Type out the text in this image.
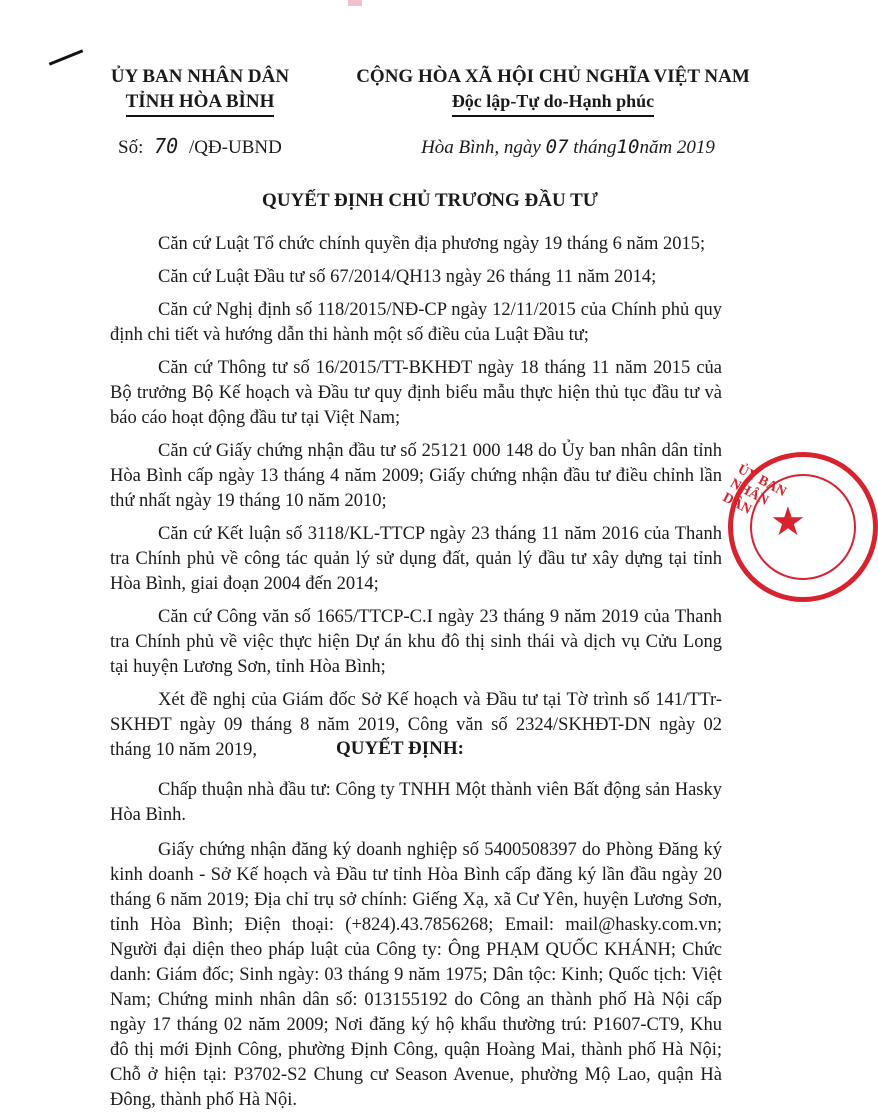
ỦY BAN NHÂN DÂN
TỈNH HÒA BÌNH
CỘNG HÒA XÃ HỘI CHỦ NGHĨA VIỆT NAM
Độc lập-Tự do-Hạnh phúc
Số: 70 /QĐ-UBND	Hòa Bình, ngày 07 tháng10năm 2019
QUYẾT ĐỊNH CHỦ TRƯƠNG ĐẦU TƯ

Căn cứ Luật Tổ chức chính quyền địa phương ngày 19 tháng 6 năm 2015;

Căn cứ Luật Đầu tư số 67/2014/QH13 ngày 26 tháng 11 năm 2014;

Căn cứ Nghị định số 118/2015/NĐ-CP ngày 12/11/2015 của Chính phủ quy định chi tiết và hướng dẫn thi hành một số điều của Luật Đầu tư;

Căn cứ Thông tư số 16/2015/TT-BKHĐT ngày 18 tháng 11 năm 2015 của Bộ trưởng Bộ Kế hoạch và Đầu tư quy định biểu mẫu thực hiện thủ tục đầu tư và báo cáo hoạt động đầu tư tại Việt Nam;

Căn cứ Giấy chứng nhận đầu tư số 25121 000 148 do Ủy ban nhân dân tỉnh Hòa Bình cấp ngày 13 tháng 4 năm 2009; Giấy chứng nhận đầu tư điều chỉnh lần thứ nhất ngày 19 tháng 10 năm 2010;

Căn cứ Kết luận số 3118/KL-TTCP ngày 23 tháng 11 năm 2016 của Thanh tra Chính phủ về công tác quản lý sử dụng đất, quản lý đầu tư xây dựng tại tỉnh Hòa Bình, giai đoạn 2004 đến 2014;

Căn cứ Công văn số 1665/TTCP-C.I ngày 23 tháng 9 năm 2019 của Thanh tra Chính phủ về việc thực hiện Dự án khu đô thị sinh thái và dịch vụ Cửu Long tại huyện Lương Sơn, tỉnh Hòa Bình;

Xét đề nghị của Giám đốc Sở Kế hoạch và Đầu tư tại Tờ trình số 141/TTr-SKHĐT ngày 09 tháng 8 năm 2019, Công văn số 2324/SKHĐT-DN ngày 02 tháng 10 năm 2019,	QUYẾT ĐỊNH:

Chấp thuận nhà đầu tư: Công ty TNHH Một thành viên Bất động sản Hasky Hòa Bình.

Giấy chứng nhận đăng ký doanh nghiệp số 5400508397 do Phòng Đăng ký kinh doanh - Sở Kế hoạch và Đầu tư tỉnh Hòa Bình cấp đăng ký lần đầu ngày 20 tháng 6 năm 2019; Địa chỉ trụ sở chính: Giếng Xạ, xã Cư Yên, huyện Lương Sơn, tỉnh Hòa Bình; Điện thoại: (+824).43.7856268; Email: mail@hasky.com.vn; Người đại diện theo pháp luật của Công ty: Ông PHẠM QUỐC KHÁNH; Chức danh: Giám đốc; Sinh ngày: 03 tháng 9 năm 1975; Dân tộc: Kinh; Quốc tịch: Việt Nam; Chứng minh nhân dân số: 013155192 do Công an thành phố Hà Nội cấp ngày 17 tháng 02 năm 2009; Nơi đăng ký hộ khẩu thường trú: P1607-CT9, Khu đô thị mới Định Công, phường Định Công, quận Hoàng Mai, thành phố Hà Nội; Chỗ ở hiện tại: P3702-S2 Chung cư Season Avenue, phường Mộ Lao, quận Hà Đông, thành phố Hà Nội.

ỦY BAN NHÂN DÂN ★
